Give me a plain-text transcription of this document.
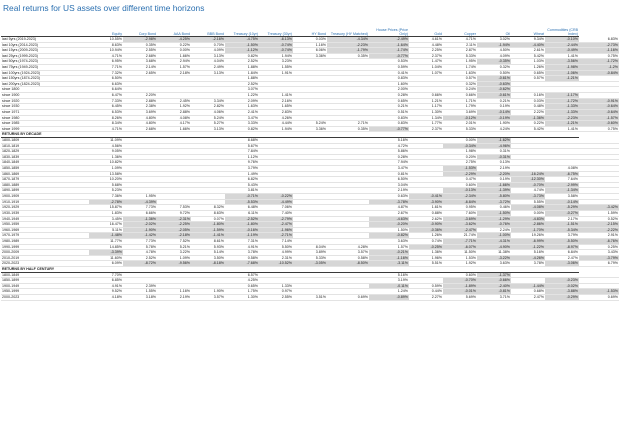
Real returns for US assets over different time horizons
	Equity	Corp Bond	AAA Bond	BBB Bond	Treasury (10yr)	Treasury (30yr)	HY Bond	Treasury (HY Matched)	House Prices (Price Only)	Gold	Copper	Oil	Wheat	Commodities (CRB Index)	
last 5yrs (2019-2023)	10.55%	-2.98%	-4.25%	-2.16%	-4.75%	-6.13%	0.03%	-4.34%	-2.49%	4.61%	4.71%	3.02%	9.34%	-0.10%	6.83%
last 10yrs (2014-2023)	8.63%	0.35%	0.22%	0.70%	-1.50%	-0.74%	1.16%	-2.23%	-1.64%	4.48%	2.11%	-1.94%	-4.40%	-2.44%	-2.73%
last 15yrs (2009-2023)	10.94%	2.55%	0.00%	4.09%	-1.12%	-0.74%	6.06%	-1.79%	-1.74%	2.25%	2.87%	4.50%	2.61%	-0.49%	-1.16%
last 25yrs (1999-2023)	4.71%	2.68%	1.66%	3.13%	0.82%	1.94%	3.36%	0.35%	-0.77%	2.37%	5.33%	4.09%	5.42%	1.41%	0.75%
last 50yrs (1974-2023)	6.95%	3.68%	2.94%	4.04%	2.52%	3.23%			0.53%	1.47%	1.95%	-0.35%	1.03%	-3.56%	-1.72%
last 75yrs (1949-2023)	7.71%	2.14%	1.57%	2.49%	1.88%	1.55%			0.59%	1.04%	1.74%	0.32%	1.26%	-1.98%	-1.2%
last 100yrs (1924-2023)	7.32%	2.65%	2.18%	3.13%	1.84%	1.91%			0.41%	1.07%	1.63%	0.50%	0.65%	-1.06%	-0.84%
last 150yrs (1874-2023)	6.50%				1.88%				0.83%		0.57%	-0.61%	0.57%	-1.21%	
last 200yrs (1824-2023)	6.63%				2.52%				1.60%		0.32%	-0.63%			
since 1800	6.64%				3.07%				2.00%		0.24%	-0.62%			
since 1900	6.47%	2.20%			1.22%	1.41%			0.28%	0.66%	0.66%	-0.61%	0.16%	-1.17%	
since 1920	7.33%	2.88%	2.45%	3.34%	2.09%	2.16%			0.65%	1.21%	1.71%	0.21%	0.03%	-1.72%	-0.91%
since 1930	6.45%	2.38%	1.92%	2.82%	1.63%	1.65%			0.21%	1.17%	1.79%	0.19%	0.48%	-1.33%	-0.64%
since 1971	6.53%	3.69%	2.88%	4.06%	2.41%	2.83%			0.51%	1.30%	3.69%	-0.14%	2.22%	-1.33%	-0.64%
since 1980	8.26%	4.80%	4.08%	5.24%	3.47%	4.26%			0.83%	1.34%	-0.12%	-0.19%	-1.36%	-2.23%	-1.57%
since 1985	8.34%	4.80%	4.17%	5.27%	3.33%	4.44%	5.24%	2.71%	0.83%	1.77%	2.01%	1.90%	0.22%	-1.21%	-0.60%
since 1999	4.71%	2.68%	1.66%	3.13%	0.82%	1.94%	3.36%	0.35%	-0.77%	2.37%	5.33%	4.24%	5.42%	1.41%	0.75%
RETURNS BY DECADE															
1800-1809	11.09%				8.68%				5.16%		0.00%	-1.62%			
1810-1819	4.56%				5.67%				4.72%		-0.34%	-4.96%			
1820-1829	9.05%				7.84%				5.86%		1.98%	0.31%			
1830-1839	1.36%				1.12%				0.28%		0.20%	-0.31%			
1840-1849	10.82%				9.76%				7.94%		2.75%	0.13%			
1850-1859	1.09%				3.79%				3.47%		-1.53%	2.19%		4.08%	
1860-1869	13.58%				1.49%				0.81%		-2.29%	-2.20%	-16.24%	-6.75%	
1870-1879	10.20%				6.82%				6.50%		0.47%	0.19%	-12.30%	7.64%	
1880-1889	5.68%				5.43%				3.04%		0.60%	-1.66%	-0.70%	-2.99%	
1890-1899	5.23%				3.81%				2.19%		-0.13%	-1.39%	4.74%	-1.34%	
1900-1909	7.36%	1.95%			-0.71%	-0.22%			0.63%	-0.41%	-2.34%	-5.80%	-3.73%	3.58%	
1910-1919	-2.78%	-4.39%			-5.53%	-4.49%			-3.78%	-3.90%	-6.84%	-3.72%	5.55%	-0.14%	
1920-1929	15.87%	7.73%	7.53%	8.32%	6.48%	7.06%			4.87%	1.61%	0.95%	0.46%	-4.08%	-5.29%	-3.42%
1930-1939	1.83%	6.66%	9.72%	8.63%	6.11%	7.40%			2.67%	0.88%	7.60%	-1.50%	0.00%	-0.27%	1.59%
1940-1949	3.45%	-1.36%	-2.31%	0.07%	-2.52%	-2.79%			-4.63%	2.62%	-3.69%	-1.29%	-4.83%	2.17%	0.52%
1950-1959	16.47%	-2.02%	-2.25%	-1.80%	-1.80%	-2.47%			-0.20%	-0.90%	-3.62%	-0.76%	-2.86%	-1.51%	-2.15%
1960-1969	5.11%	-1.90%	-2.05%	-1.59%	-0.16%	-1.96%			1.50%	-0.36%	-2.47%	2.24%	-1.70%	-5.34%	-2.22%
1970-1979	-1.48%	-1.42%	-2.18%	-1.41%	-1.19%	-2.71%			-0.82%	1.26%	21.74%	-1.00%	19.26%	3.79%	2.91%
1980-1989	11.77%	7.73%	7.52%	8.61%	7.31%	7.14%			3.63%	0.74%	-7.71%	-4.31%	-6.99%	-5.50%	-6.76%
1990-1999	14.85%	5.78%	5.21%	5.93%	4.91%	5.50%	8.04%	4.28%	1.57%	-0.25%	-6.07%	-4.90%	-1.22%	-8.97%	0.25%
2000-2009	-3.39%	4.78%	3.22%	5.14%	3.78%	4.99%	3.89%	3.57%	-0.21%	1.36%	11.50%	11.38%	5.16%	6.84%	3.43%
2010-2019	11.60%	2.52%	1.09%	3.50%	0.58%	2.31%	5.33%	0.58%	-1.16%	1.96%	1.53%	-3.22%	-4.26%	2.47%	-3.79%
2020-2023	6.09%	-8.72%	-9.56%	-8.18%	-7.68%	-10.52%	-3.05%	-8.50%	-3.11%	5.51%	1.92%	3.63%	3.78%	-3.06%	6.79%
RETURNS BY HALF CENTURY															
1800-1849	7.70%				6.57%				5.16%		0.60%	-1.37%			
1850-1899	6.85%				4.25%				3.19%		-0.70%	-0.66%		-0.23%	
1900-1949	4.91%	2.39%			0.65%	1.33%			-0.11%	0.59%	-1.89%	-2.40%	-1.44%	-0.02%	
1950-1999	9.52%	1.55%	1.16%	1.90%	1.75%	0.97%			1.24%	0.44%	-0.01%	-0.81%	0.68%	-3.88%	-1.53%
2000-2023	4.18%	3.18%	2.19%	3.57%	1.30%	2.55%	3.51%	0.69%	-0.89%	2.27%	5.69%	3.71%	2.47%	-0.29%	0.69%
